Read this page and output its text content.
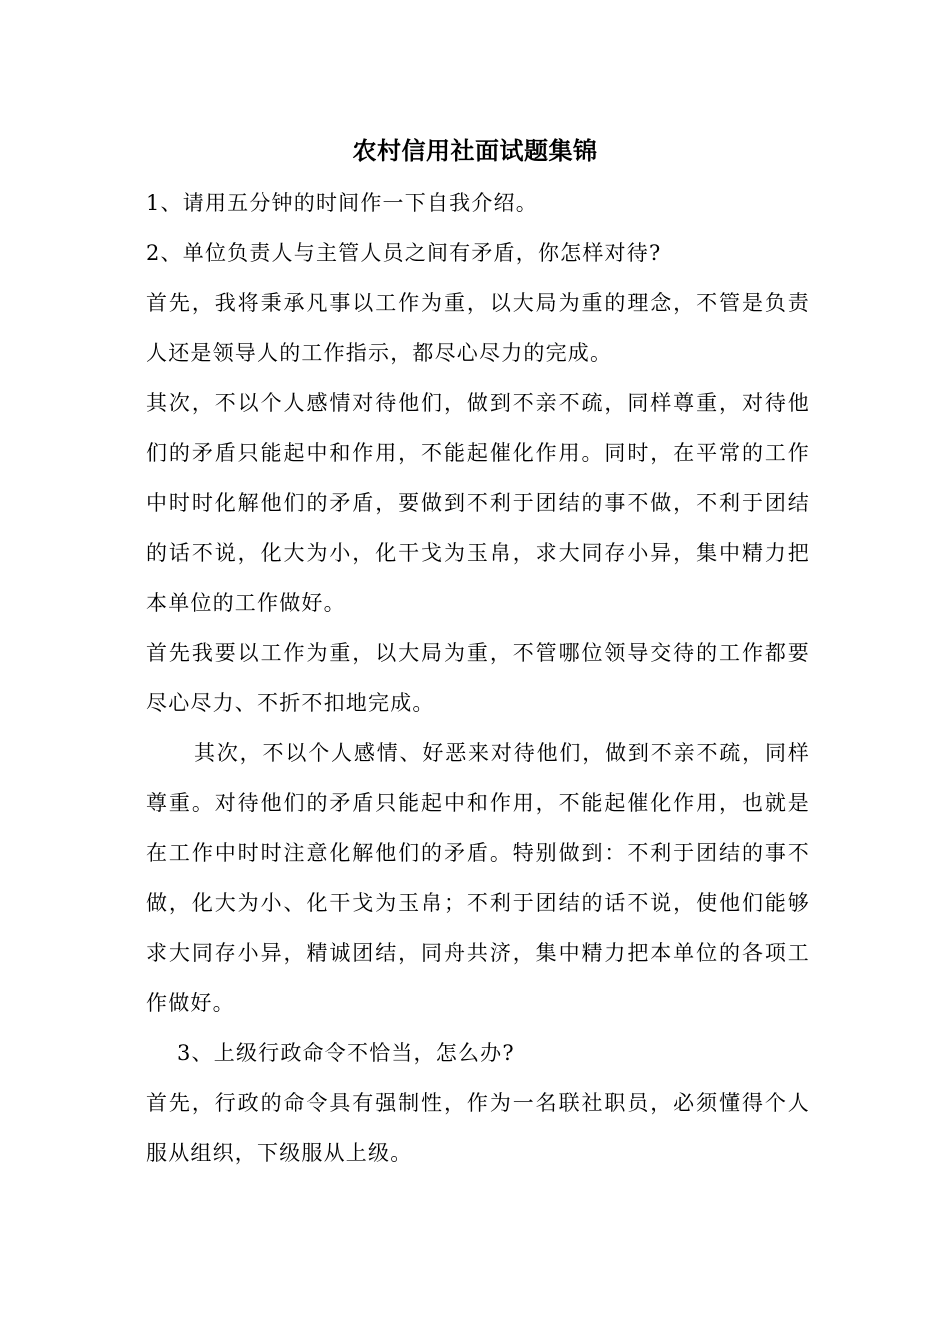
农村信用社面试题集锦

1、请用五分钟的时间作一下自我介绍。

2、单位负责人与主管人员之间有矛盾，你怎样对待?

首先，我将秉承凡事以工作为重，以大局为重的理念，不管是负责人还是领导人的工作指示，都尽心尽力的完成。

其次，不以个人感情对待他们，做到不亲不疏，同样尊重，对待他们的矛盾只能起中和作用，不能起催化作用。同时，在平常的工作中时时化解他们的矛盾，要做到不利于团结的事不做，不利于团结的话不说，化大为小，化干戈为玉帛，求大同存小异，集中精力把本单位的工作做好。

首先我要以工作为重，以大局为重，不管哪位领导交待的工作都要尽心尽力、不折不扣地完成。

其次，不以个人感情、好恶来对待他们，做到不亲不疏，同样尊重。对待他们的矛盾只能起中和作用，不能起催化作用，也就是在工作中时时注意化解他们的矛盾。特别做到：不利于团结的事不做，化大为小、化干戈为玉帛；不利于团结的话不说，使他们能够求大同存小异，精诚团结，同舟共济，集中精力把本单位的各项工作做好。

3、上级行政命令不恰当，怎么办?

首先，行政的命令具有强制性，作为一名联社职员，必须懂得个人服从组织，下级服从上级。
